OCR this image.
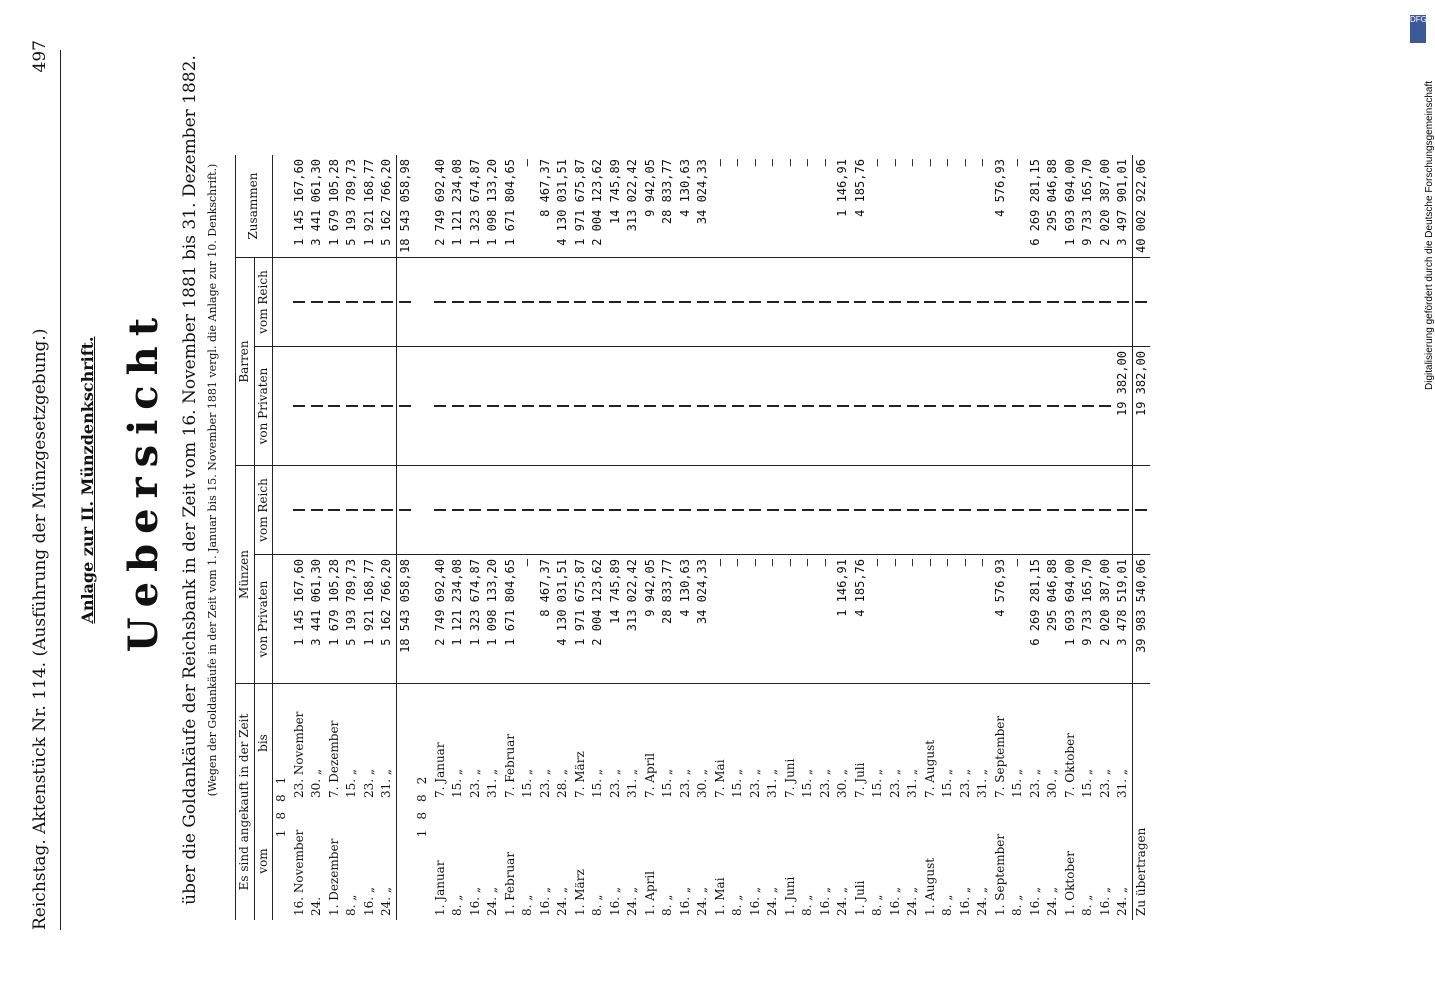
Reichstag. Aktenstück Nr. 114. (Ausführung der Münzgesetzgebung.)
497
Anlage zur II. Münzdenkschrift. Uebersicht über die Goldankäufe der Reichsbank in der Zeit vom 16. November 1881 bis 31. Dezember 1882. (Wegen der Goldankäufe in der Zeit vom 1. Januar bis 15. November 1881 vergl. die Anlage zur 10. Denkschrift.)
Es sind angekauft in der Zeit		Münzen		Barren		Zusammen
vom	bis	von Privaten	vom Reich	von Privaten	vom Reich	
1881						
16. November	23. November	1 145 167,60				1 145 167,60
24.	30. „	3 441 061,30				3 441 061,30
1. Dezember	7. Dezember	1 679 105,28				1 679 105,28
8. „	15. „	5 193 789,73				5 193 789,73
16. „	23. „	1 921 168,77				1 921 168,77
24. „	31. „	5 162 766,20				5 162 766,20
		18 543 058,98				18 543 058,98
1882						
1. Januar	7. Januar	2 749 692,40				2 749 692,40
8. „	15. „	1 121 234,08				1 121 234,08
16. „	23. „	1 323 674,87				1 323 674,87
24. „	31. „	1 098 133,20				1 098 133,20
1. Februar	7. Februar	1 671 804,65				1 671 804,65
8. „	15. „	—				—
16. „	23. „	8 467,37				8 467,37
24. „	28. „	4 130 031,51				4 130 031,51
1. März	7. März	1 971 675,87				1 971 675,87
8. „	15. „	2 004 123,62				2 004 123,62
16. „	23. „	14 745,89				14 745,89
24. „	31. „	313 022,42				313 022,42
1. April	7. April	9 942,05				9 942,05
8. „	15. „	28 833,77				28 833,77
16. „	23. „	4 130,63				4 130,63
24. „	30. „	34 024,33				34 024,33
1. Mai	7. Mai	—				—
8. „	15. „	—				—
16. „	23. „	—				—
24. „	31. „	—				—
1. Juni	7. Juni	—				—
8. „	15. „	—				—
16. „	23. „	—				—
24. „	30. „	1 146,91				1 146,91
1. Juli	7. Juli	4 185,76				4 185,76
8. „	15. „	—				—
16. „	23. „	—				—
24. „	31. „	—				—
1. August	7. August	—				—
8. „	15. „	—				—
16. „	23. „	—				—
24. „	31. „	—				—
1. September	7. September	4 576,93				4 576,93
8. „	15. „	—				—
16. „	23. „	6 269 281,15				6 269 281,15
24. „	30. „	295 046,88				295 046,88
1. Oktober	7. Oktober	1 693 694,00				1 693 694,00
8. „	15. „	9 733 165,70				9 733 165,70
16. „	23. „	2 020 387,00				2 020 387,00
24. „	31. „	3 478 519,01		19 382,00		3 497 901,01
Zu übertragen		39 983 540,06		19 382,00		40 002 922,06
DFG
Digitalisierung gefördert durch die Deutsche Forschungsgemeinschaft
